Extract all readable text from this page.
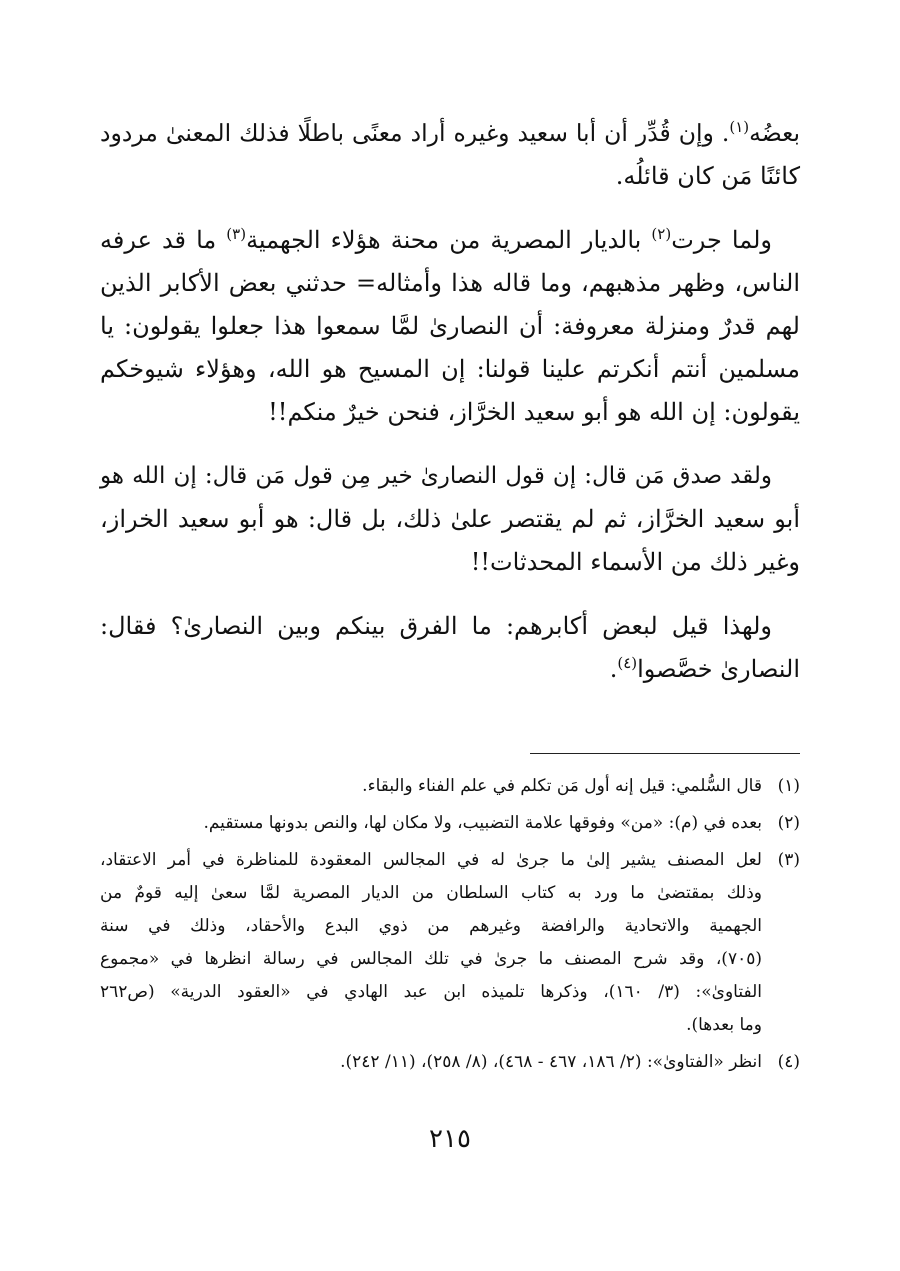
بعضُه$^{(١)}$. وإن قُدِّر أن أبا سعيد وغيره أراد معنًى باطلًا فذلك المعنىٰ مردود
كائنًا مَن كان قائلُه.

ولما جرت$^{(٢)}$ بالديار المصرية من محنة هؤلاء الجهمية$^{(٣)}$ ما قد عرفه
الناس، وظهر مذهبهم، وما قاله هذا وأمثاله= حدثني بعض الأكابر الذين
لهم قدرٌ ومنزلة معروفة: أن النصارىٰ لمَّا سمعوا هذا جعلوا يقولون: يا
مسلمين أنتم أنكرتم علينا قولنا: إن المسيح هو الله، وهؤلاء شيوخكم
يقولون: إن الله هو أبو سعيد الخرَّاز، فنحن خيرٌ منكم!!

ولقد صدق مَن قال: إن قول النصارىٰ خير مِن قول مَن قال: إن الله هو
أبو سعيد الخرَّاز، ثم لم يقتصر علىٰ ذلك، بل قال: هو أبو سعيد الخراز،
وغير ذلك من الأسماء المحدثات!!

ولهذا قيل لبعض أكابرهم: ما الفرق بينكم وبين النصارىٰ؟ فقال:
النصارىٰ خصَّصوا$^{(٤)}$.

(١)
قال السُّلمي: قيل إنه أول مَن تكلم في علم الفناء والبقاء.
(٢)
بعده في (م): «من» وفوقها علامة التضبيب، ولا مكان لها، والنص بدونها مستقيم.
(٣)
لعل المصنف يشير إلىٰ ما جرىٰ له في المجالس المعقودة للمناظرة في أمر الاعتقاد،
وذلك بمقتضىٰ ما ورد به كتاب السلطان من الديار المصرية لمَّا سعىٰ إليه قومٌ من
الجهمية والاتحادية والرافضة وغيرهم من ذوي البدع والأحقاد، وذلك في سنة
(٧٠٥)، وقد شرح المصنف ما جرىٰ في تلك المجالس في رسالة انظرها في «مجموع
الفتاوىٰ»: (٣/ ١٦٠)، وذكرها تلميذه ابن عبد الهادي في «العقود الدرية» (ص٢٦٢
وما بعدها).
(٤)
انظر «الفتاوىٰ»: (٢/ ١٨٦، ٤٦٧ - ٤٦٨)، (٨/ ٢٥٨)، (١١/ ٢٤٢).
٢١٥
